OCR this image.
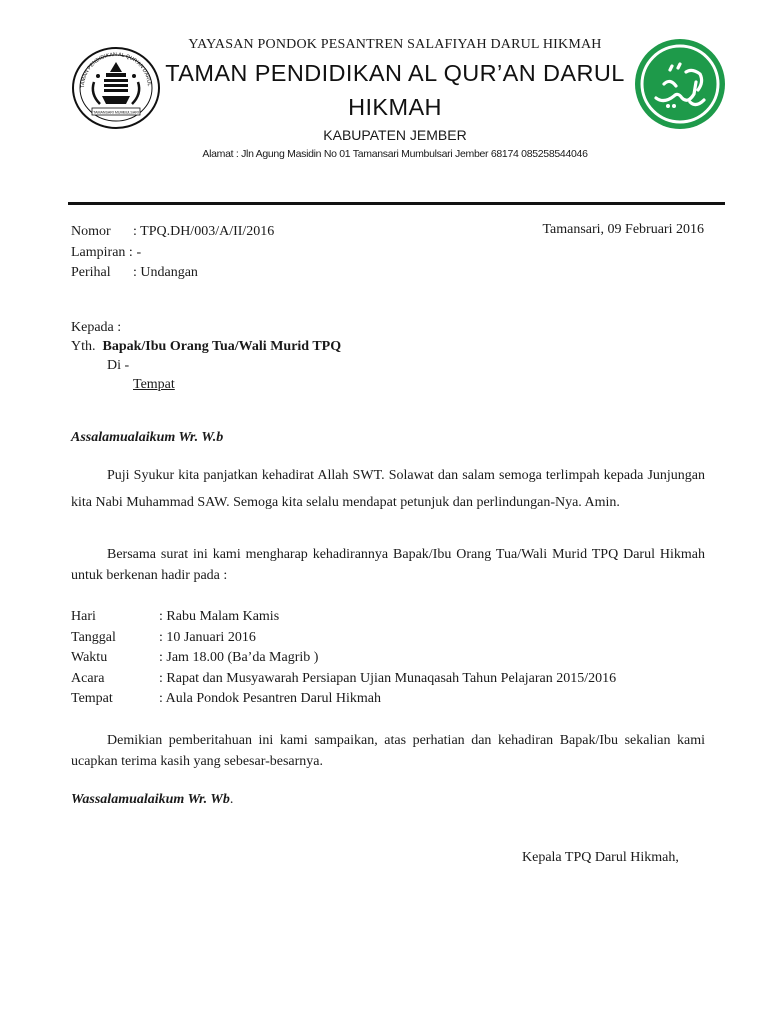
TAMAN PENDIDIKAN AL QUR'AN DARUL
TAMANSARI MUMBULSARI
YAYASAN PONDOK PESANTREN SALAFIYAH DARUL HIKMAH
TAMAN PENDIDIKAN AL QUR’AN DARUL
HIKMAH
KABUPATEN JEMBER
Alamat : Jln Agung Masidin No 01 Tamansari Mumbulsari Jember 68174 085258544046
Nomor : TPQ.DH/003/A/II/2016
Lampiran : -
Perihal : Undangan
Tamansari, 09 Februari 2016
Kepada :
Yth. Bapak/Ibu Orang Tua/Wali Murid TPQ
Di -
Tempat
Assalamualaikum Wr. W.b
Puji Syukur kita panjatkan kehadirat Allah SWT. Solawat dan salam semoga terlimpah kepada Junjungan kita Nabi Muhammad SAW. Semoga kita selalu mendapat petunjuk dan perlindungan-Nya. Amin.
Bersama surat ini kami mengharap kehadirannya Bapak/Ibu Orang Tua/Wali Murid TPQ Darul Hikmah untuk berkenan hadir pada :
Hari	: Rabu Malam Kamis
Tanggal	: 10 Januari 2016
Waktu	: Jam 18.00 (Ba’da Magrib )
Acara	: Rapat dan Musyawarah Persiapan Ujian Munaqasah Tahun Pelajaran 2015/2016
Tempat	: Aula Pondok Pesantren Darul Hikmah
Demikian pemberitahuan ini kami sampaikan, atas perhatian dan kehadiran Bapak/Ibu sekalian kami ucapkan terima kasih yang sebesar-besarnya.
Wassalamualaikum Wr. Wb.
Kepala TPQ Darul Hikmah,
